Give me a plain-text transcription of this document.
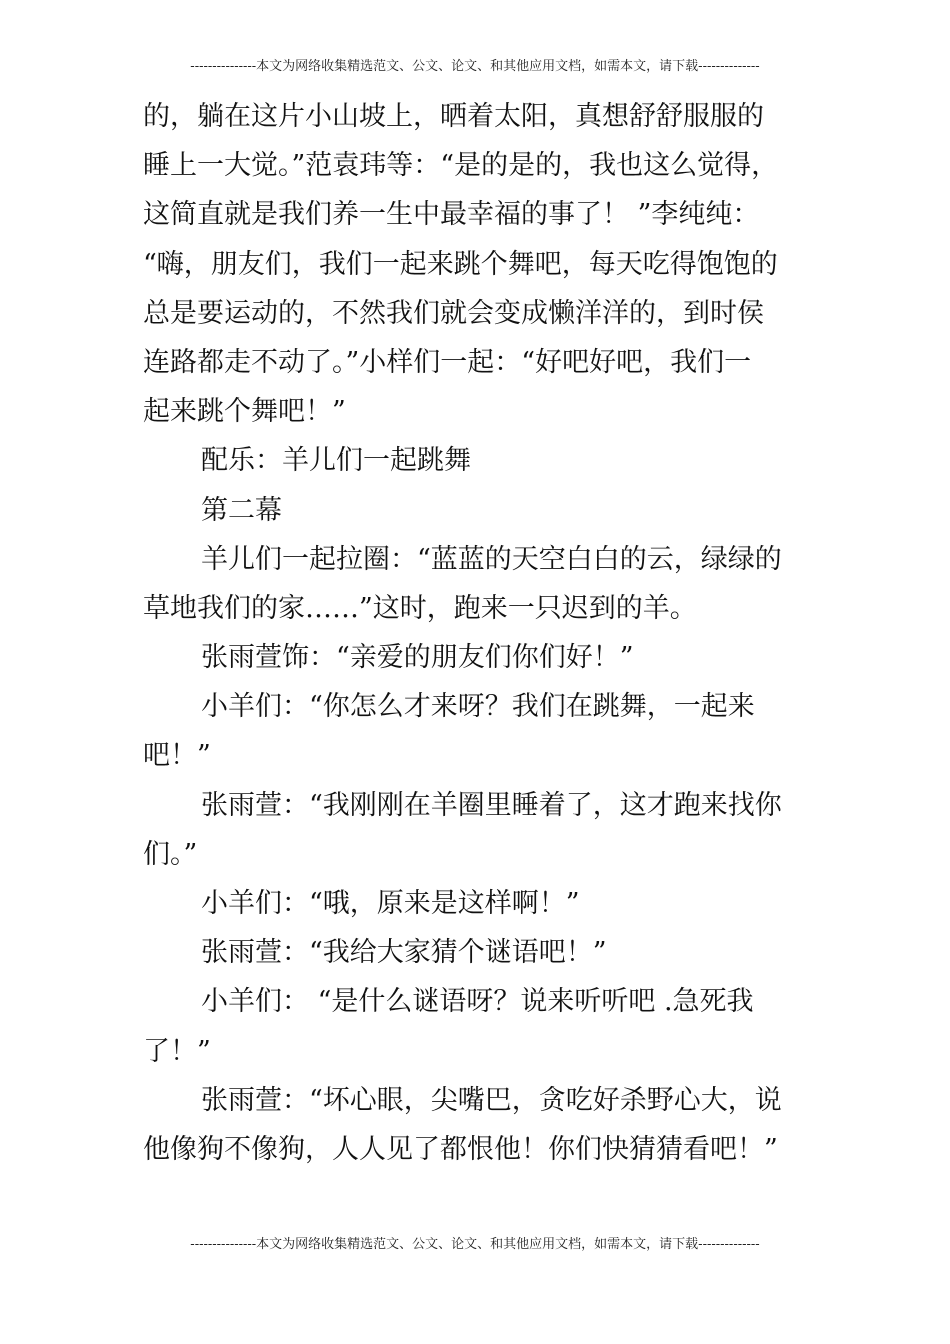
---------------本文为网络收集精选范文、公文、论文、和其他应用文档，如需本文，请下载--------------
的，躺在这片小山坡上，晒着太阳，真想舒舒服服的
睡上一大觉。”范袁玮等：“是的是的，我也这么觉得，
这简直就是我们养一生中最幸福的事了！ ”李纯纯：
“嗨，朋友们，我们一起来跳个舞吧，每天吃得饱饱的
总是要运动的，不然我们就会变成懒洋洋的，到时侯
连路都走不动了。”小样们一起：“好吧好吧，我们一
起来跳个舞吧！”
配乐：羊儿们一起跳舞
第二幕
羊儿们一起拉圈：“蓝蓝的天空白白的云，绿绿的
草地我们的家……”这时，跑来一只迟到的羊。
张雨萱饰：“亲爱的朋友们你们好！”
小羊们：“你怎么才来呀？我们在跳舞，一起来
吧！”
张雨萱：“我刚刚在羊圈里睡着了，这才跑来找你
们。”
小羊们：“哦，原来是这样啊！”
张雨萱：“我给大家猜个谜语吧！”
小羊们： “是什么谜语呀？说来听听吧 .急死我
了！”
张雨萱：“坏心眼，尖嘴巴，贪吃好杀野心大，说
他像狗不像狗，人人见了都恨他！你们快猜猜看吧！”
---------------本文为网络收集精选范文、公文、论文、和其他应用文档，如需本文，请下载--------------
